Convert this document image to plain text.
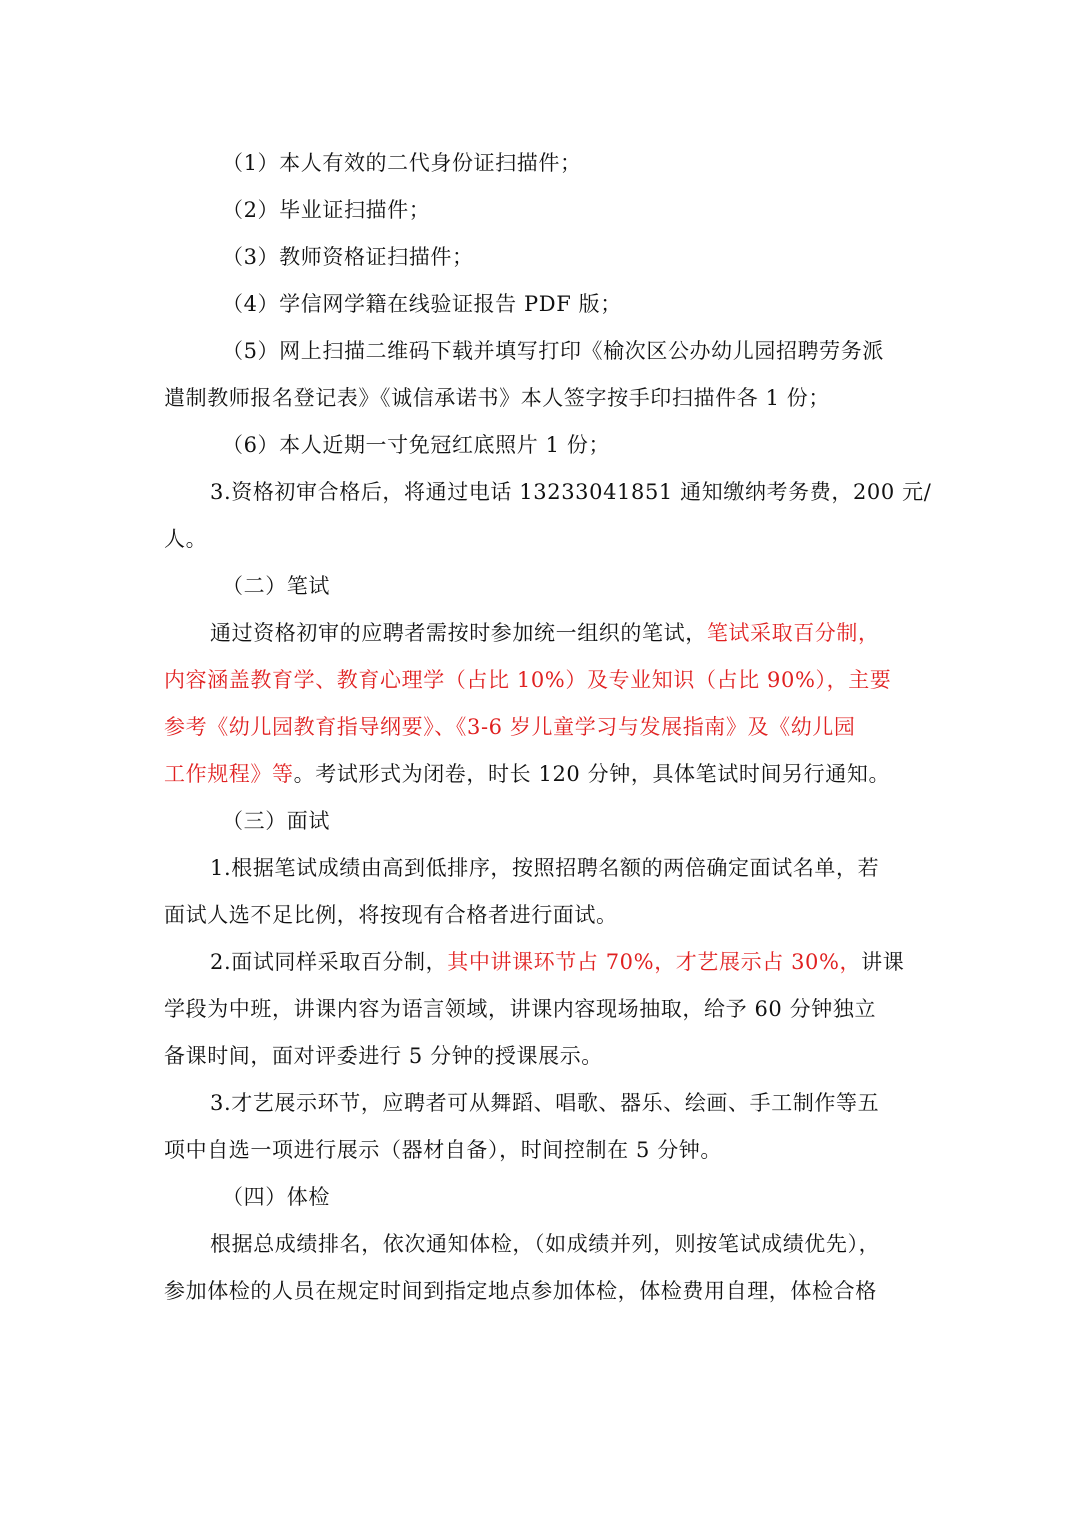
（1）本人有效的二代身份证扫描件；
（2）毕业证扫描件；
（3）教师资格证扫描件；
（4）学信网学籍在线验证报告 PDF 版；
（5）网上扫描二维码下载并填写打印《榆次区公办幼儿园招聘劳务派
遣制教师报名登记表》《诚信承诺书》本人签字按手印扫描件各 1 份；
（6）本人近期一寸免冠红底照片 1 份；
3.资格初审合格后，将通过电话 13233041851 通知缴纳考务费，200 元/
人。
（二）笔试
通过资格初审的应聘者需按时参加统一组织的笔试，笔试采取百分制，
内容涵盖教育学、教育心理学（占比 10%）及专业知识（占比 90%），主要
参考《幼儿园教育指导纲要》、《3-6 岁儿童学习与发展指南》及《幼儿园
工作规程》等。考试形式为闭卷，时长 120 分钟，具体笔试时间另行通知。
（三）面试
1.根据笔试成绩由高到低排序，按照招聘名额的两倍确定面试名单，若
面试人选不足比例，将按现有合格者进行面试。
2.面试同样采取百分制，其中讲课环节占 70%，才艺展示占 30%，讲课
学段为中班，讲课内容为语言领域，讲课内容现场抽取，给予 60 分钟独立
备课时间，面对评委进行 5 分钟的授课展示。
3.才艺展示环节，应聘者可从舞蹈、唱歌、器乐、绘画、手工制作等五
项中自选一项进行展示（器材自备），时间控制在 5 分钟。
（四）体检
根据总成绩排名，依次通知体检，（如成绩并列，则按笔试成绩优先），
参加体检的人员在规定时间到指定地点参加体检，体检费用自理，体检合格
